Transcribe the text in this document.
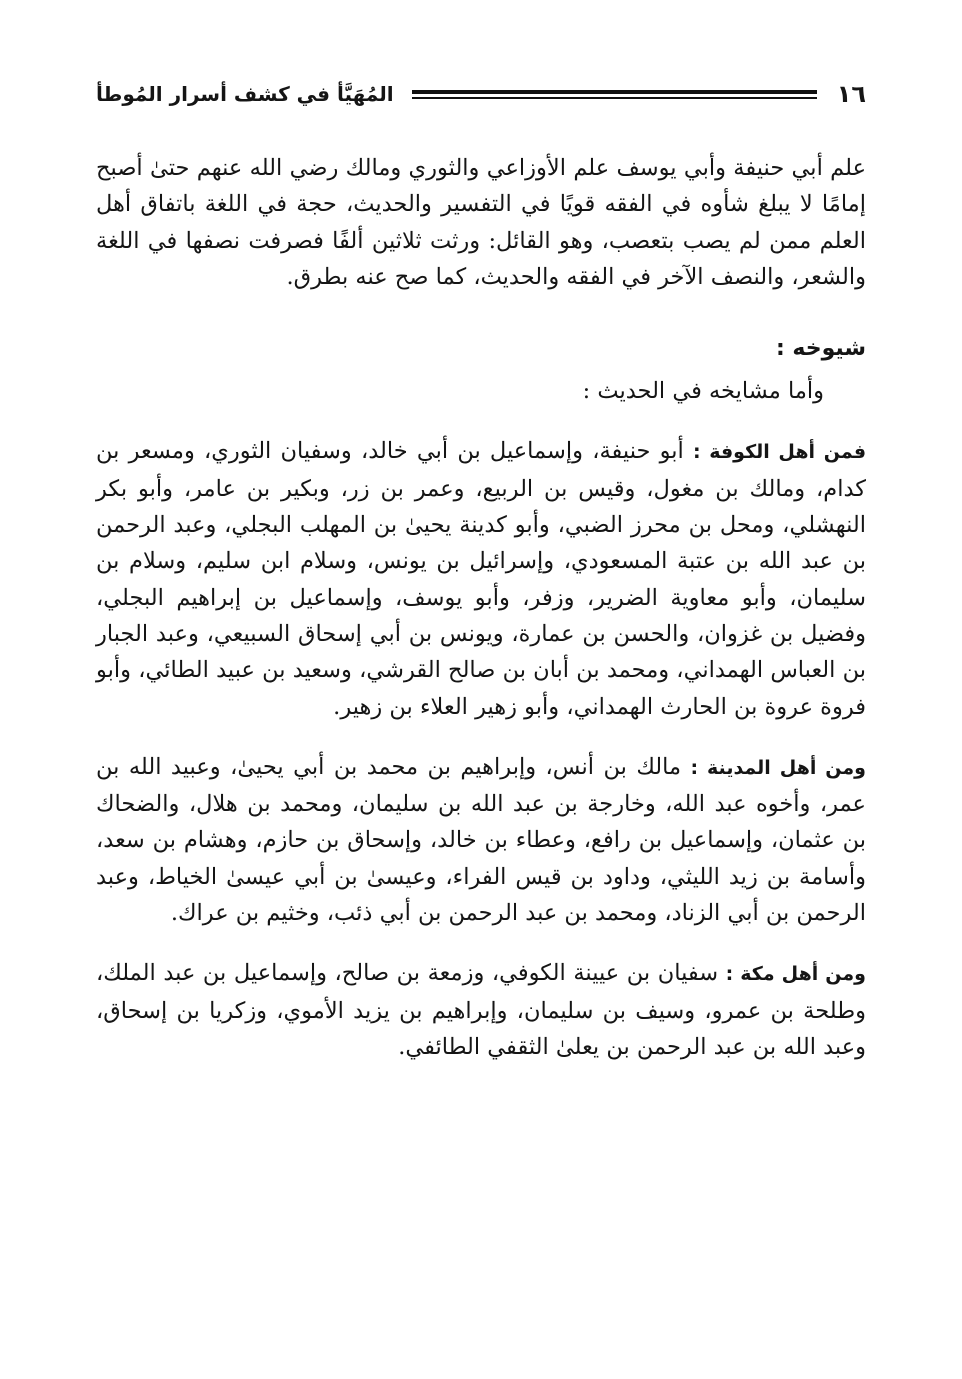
١٦
المُهَيَّأ في كشف أسرار المُوطأ

علم أبي حنيفة وأبي يوسف علم الأوزاعي والثوري ومالك رضي الله عنهم حتىٰ أصبح إمامًا لا يبلغ شأوه في الفقه قويًا في التفسير والحديث، حجة في اللغة باتفاق أهل العلم ممن لم يصب بتعصب، وهو القائل: ورثت ثلاثين ألفًا فصرفت نصفها في اللغة والشعر، والنصف الآخر في الفقه والحديث، كما صح عنه بطرق.

شيوخه :

وأما مشايخه في الحديث :

فمن أهل الكوفة : أبو حنيفة، وإسماعيل بن أبي خالد، وسفيان الثوري، ومسعر بن كدام، ومالك بن مغول، وقيس بن الربيع، وعمر بن زر، وبكير بن عامر، وأبو بكر النهشلي، ومحل بن محرز الضبي، وأبو كدينة يحيىٰ بن المهلب البجلي، وعبد الرحمن بن عبد الله بن عتبة المسعودي، وإسرائيل بن يونس، وسلام ابن سليم، وسلام بن سليمان، وأبو معاوية الضرير، وزفر، وأبو يوسف، وإسماعيل بن إبراهيم البجلي، وفضيل بن غزوان، والحسن بن عمارة، ويونس بن أبي إسحاق السبيعي، وعبد الجبار بن العباس الهمداني، ومحمد بن أبان بن صالح القرشي، وسعيد بن عبيد الطائي، وأبو فروة عروة بن الحارث الهمداني، وأبو زهير العلاء بن زهير.

ومن أهل المدينة : مالك بن أنس، وإبراهيم بن محمد بن أبي يحيىٰ، وعبيد الله بن عمر، وأخوه عبد الله، وخارجة بن عبد الله بن سليمان، ومحمد بن هلال، والضحاك بن عثمان، وإسماعيل بن رافع، وعطاء بن خالد، وإسحاق بن حازم، وهشام بن سعد، وأسامة بن زيد الليثي، وداود بن قيس الفراء، وعيسىٰ بن أبي عيسىٰ الخياط، وعبد الرحمن بن أبي الزناد، ومحمد بن عبد الرحمن بن أبي ذئب، وخثيم بن عراك.

ومن أهل مكة : سفيان بن عيينة الكوفي، وزمعة بن صالح، وإسماعيل بن عبد الملك، وطلحة بن عمرو، وسيف بن سليمان، وإبراهيم بن يزيد الأموي، وزكريا بن إسحاق، وعبد الله بن عبد الرحمن بن يعلىٰ الثقفي الطائفي.
